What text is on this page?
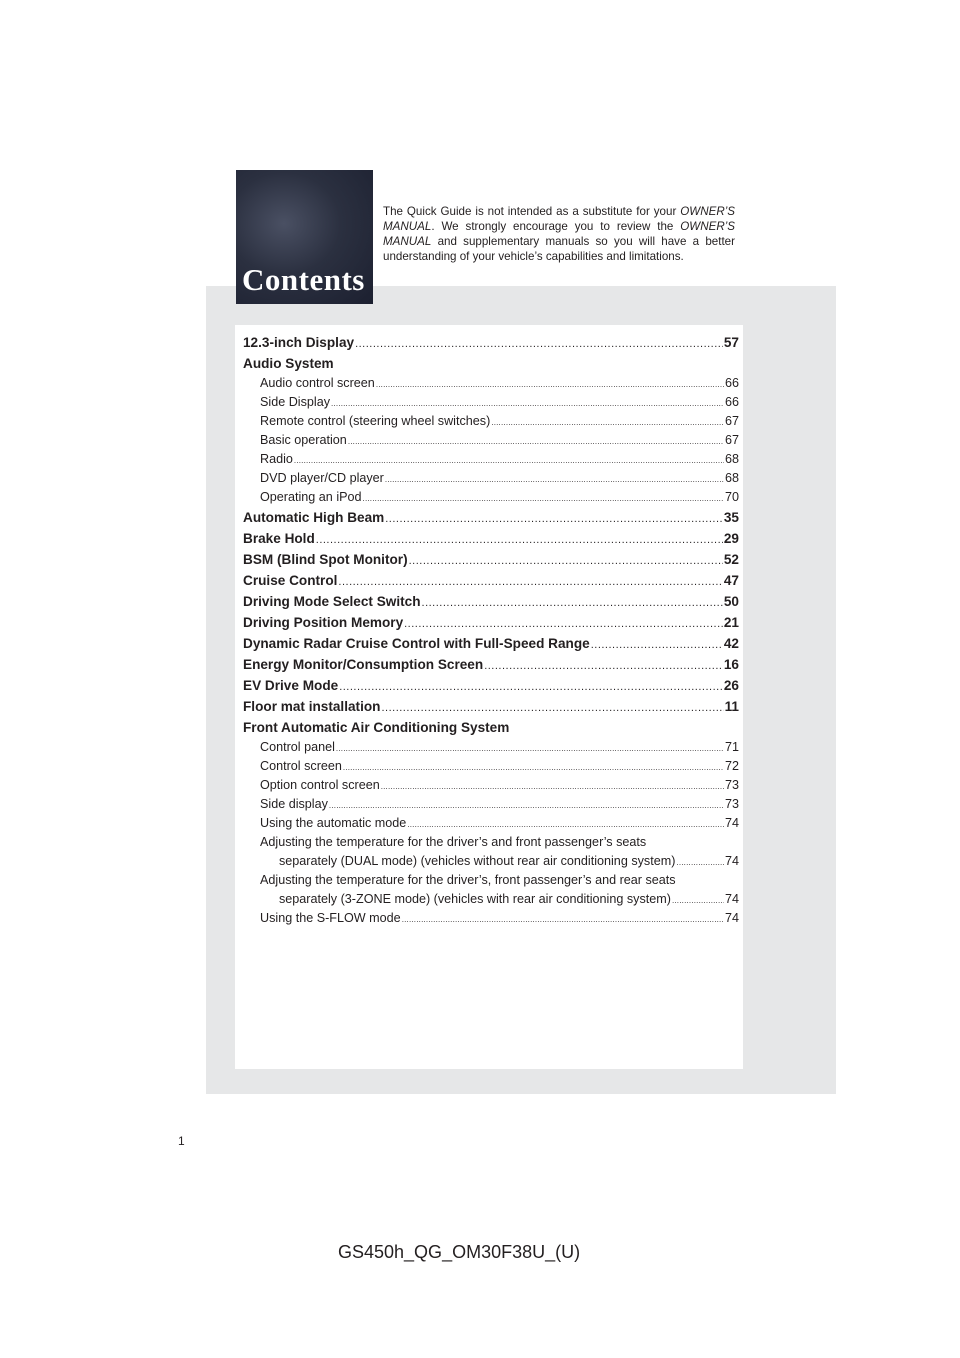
Contents
The Quick Guide is not intended as a substitute for your OWNER’S MANUAL. We strongly encourage you to review the OWNER’S MANUAL and supplementary manuals so you will have a better understanding of your vehicle’s capabilities and limitations.
12.3-inch Display .....	57
Audio System
Audio control screen .....	66
Side Display .....	66
Remote control (steering wheel switches) .....	67
Basic operation .....	67
Radio .....	68
DVD player/CD player .....	68
Operating an iPod .....	70
Automatic High Beam .....	35
Brake Hold .....	29
BSM (Blind Spot Monitor) .....	52
Cruise Control .....	47
Driving Mode Select Switch .....	50
Driving Position Memory .....	21
Dynamic Radar Cruise Control with Full-Speed Range .....	42
Energy Monitor/Consumption Screen .....	16
EV Drive Mode .....	26
Floor mat installation .....	11
Front Automatic Air Conditioning System
Control panel .....	71
Control screen .....	72
Option control screen .....	73
Side display .....	73
Using the automatic mode .....	74
Adjusting the temperature for the driver’s and front passenger’s seats
separately (DUAL mode) (vehicles without rear air conditioning system) .....	74
Adjusting the temperature for the driver’s, front passenger’s and rear seats
separately (3-ZONE mode) (vehicles with rear air conditioning system) .....	74
Using the S-FLOW mode .....	74
1
GS450h_QG_OM30F38U_(U)
